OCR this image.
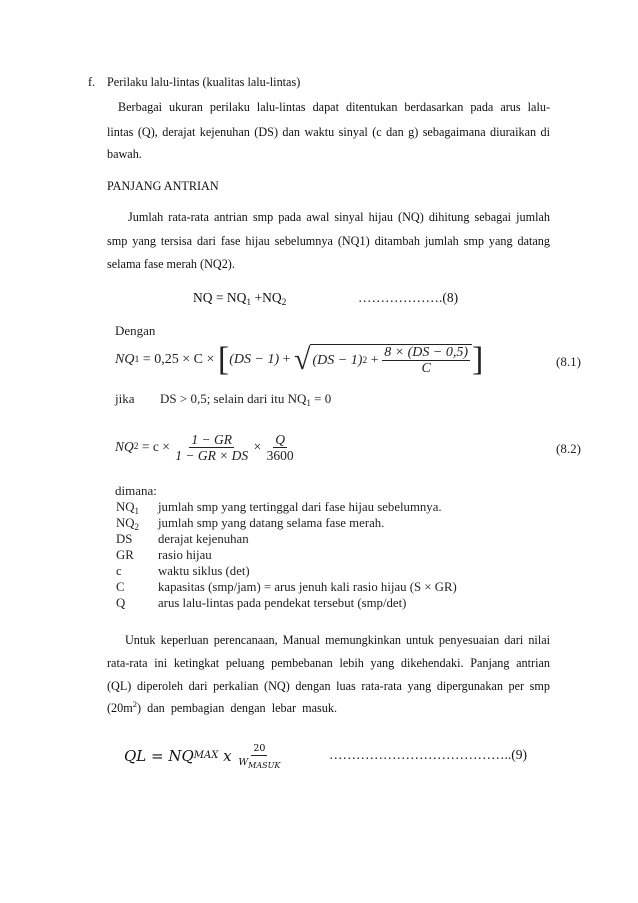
f. Perilaku lalu-lintas (kualitas lalu-lintas)
Berbagai ukuran perilaku lalu-lintas dapat ditentukan berdasarkan pada arus lalu-
lintas (Q), derajat kejenuhan (DS) dan waktu sinyal (c dan g) sebagaimana diuraikan di
bawah.
PANJANG ANTRIAN
Jumlah rata-rata antrian smp pada awal sinyal hijau (NQ) dihitung sebagai jumlah
smp yang tersisa dari fase hijau sebelumnya (NQ1) ditambah jumlah smp yang datang
selama fase merah (NQ2).
NQ = $NQ_1 +NQ_2$	……………….(8)
Dengan
NQ 1 = 0,25 × C × [ (DS − 1) + √ (DS − 1) $2 + \frac{8 \times (DS - 0,5)}{C}$ ]	(8.1)
jika DS > 0,5; selain dari itu $NQ_1 = 0$
NQ $2 = c \times \frac{1 - GR}{1 - GR \times DS} \times \frac{Q}{3600}$	(8.2)
dimana:
$NQ_1$ jumlah smp yang tertinggal dari fase hijau sebelumnya.
$NQ_2$ jumlah smp yang datang selama fase merah.
DS derajat kejenuhan
GR rasio hijau
c	waktu siklus (det)
C	kapasitas (smp/jam) = arus jenuh kali rasio hijau (S × GR)
Q	arus lalu-lintas pada pendekat tersebut (smp/det)
Untuk keperluan perencanaan, Manual memungkinkan untuk penyesuaian dari nilai
rata-rata ini ketingkat peluang pembebanan lebih yang dikehendaki. Panjang antrian
(QL) diperoleh dari perkalian (NQ) dengan luas rata-rata yang dipergunakan per smp
$(20m^2)$  dan  pembagian  dengan  lebar  masuk.
QL = NQ MAX x $\frac{20}{W_{MASUK}}$	…………………………………..(9)
